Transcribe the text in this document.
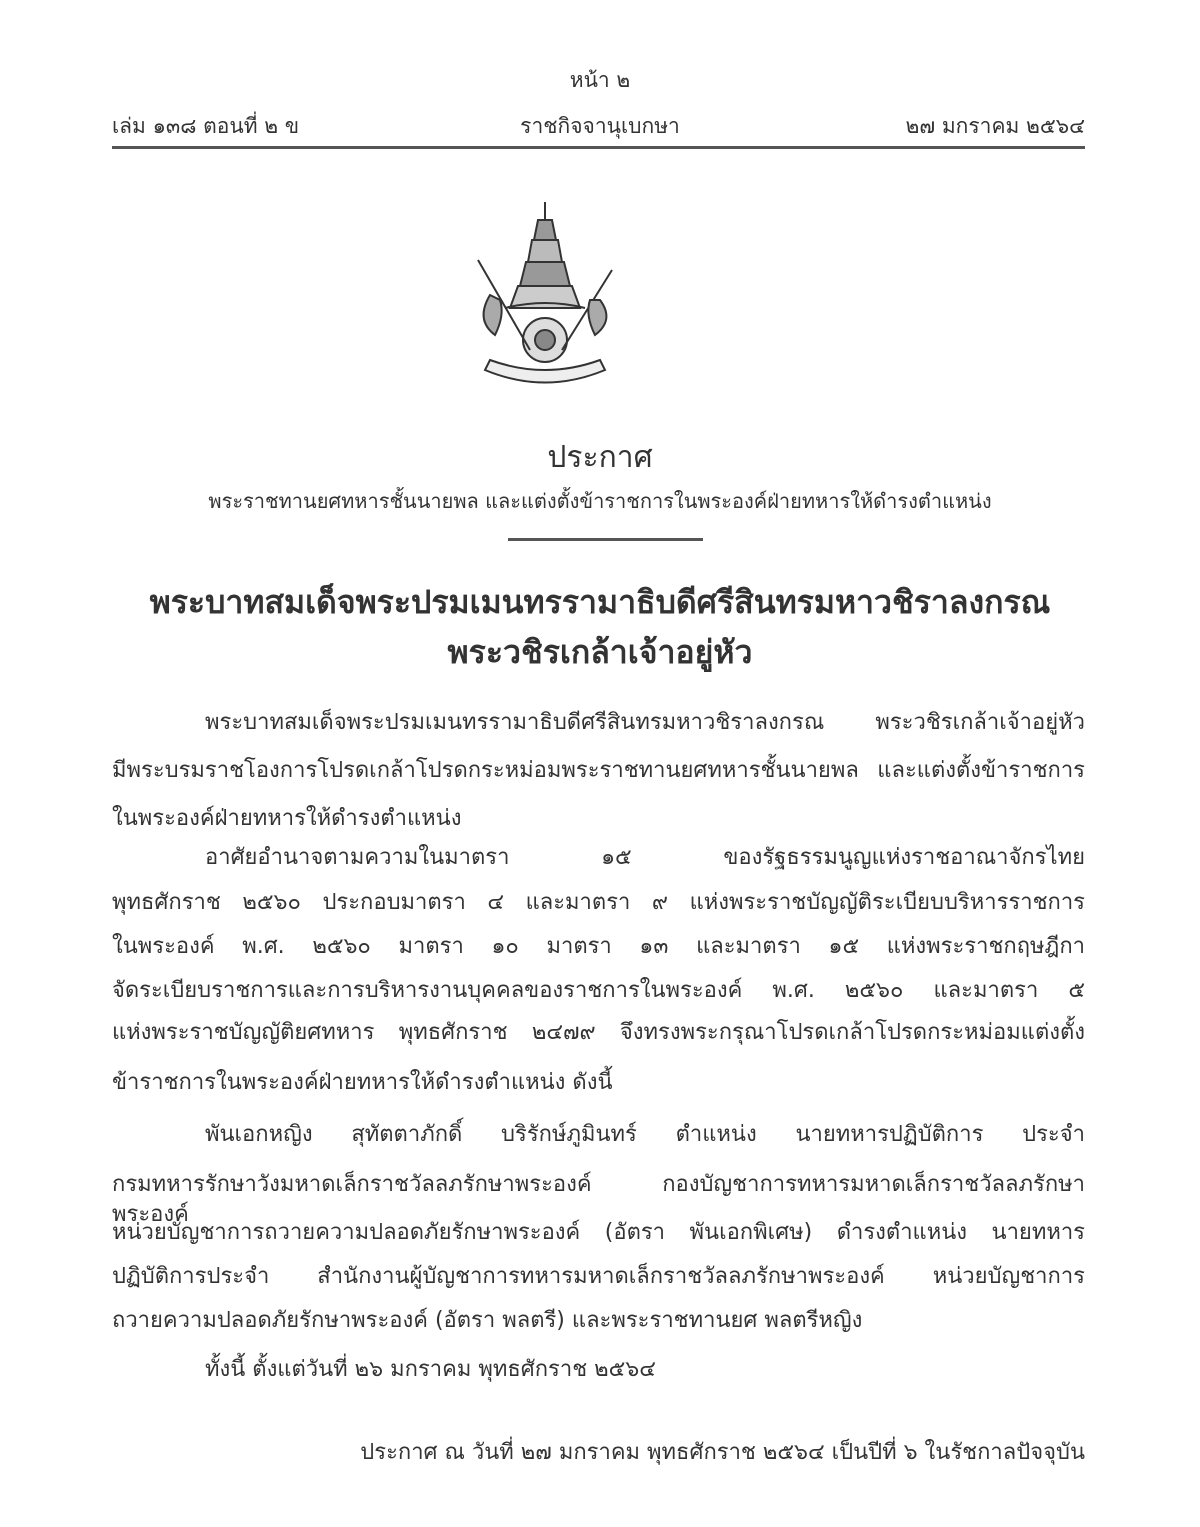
หน้า ๒
เล่ม ๑๓๘ ตอนที่ ๒ ข	ราชกิจจานุเบกษา	๒๗ มกราคม ๒๕๖๔
ประกาศ
พระราชทานยศทหารชั้นนายพล และแต่งตั้งข้าราชการในพระองค์ฝ่ายทหารให้ดำรงตำแหน่ง
พระบาทสมเด็จพระปรมเมนทรรามาธิบดีศรีสินทรมหาวชิราลงกรณ
พระวชิรเกล้าเจ้าอยู่หัว
พระบาทสมเด็จพระปรมเมนทรรามาธิบดีศรีสินทรมหาวชิราลงกรณ พระวชิรเกล้าเจ้าอยู่หัว
มีพระบรมราชโองการโปรดเกล้าโปรดกระหม่อมพระราชทานยศทหารชั้นนายพล และแต่งตั้งข้าราชการ
ในพระองค์ฝ่ายทหารให้ดำรงตำแหน่ง
อาศัยอำนาจตามความในมาตรา ๑๕ ของรัฐธรรมนูญแห่งราชอาณาจักรไทย
พุทธศักราช ๒๕๖๐ ประกอบมาตรา ๔ และมาตรา ๙ แห่งพระราชบัญญัติระเบียบบริหารราชการ
ในพระองค์ พ.ศ. ๒๕๖๐ มาตรา ๑๐ มาตรา ๑๓ และมาตรา ๑๕ แห่งพระราชกฤษฎีกา
จัดระเบียบราชการและการบริหารงานบุคคลของราชการในพระองค์ พ.ศ. ๒๕๖๐ และมาตรา ๕
แห่งพระราชบัญญัติยศทหาร พุทธศักราช ๒๔๗๙ จึงทรงพระกรุณาโปรดเกล้าโปรดกระหม่อมแต่งตั้ง
ข้าราชการในพระองค์ฝ่ายทหารให้ดำรงตำแหน่ง ดังนี้
พันเอกหญิง สุทัตตาภักดิ์ บริรักษ์ภูมินทร์ ตำแหน่ง นายทหารปฏิบัติการ ประจำ
กรมทหารรักษาวังมหาดเล็กราชวัลลภรักษาพระองค์ กองบัญชาการทหารมหาดเล็กราชวัลลภรักษาพระองค์
หน่วยบัญชาการถวายความปลอดภัยรักษาพระองค์ (อัตรา พันเอกพิเศษ) ดำรงตำแหน่ง นายทหาร
ปฏิบัติการประจำ สำนักงานผู้บัญชาการทหารมหาดเล็กราชวัลลภรักษาพระองค์ หน่วยบัญชาการ
ถวายความปลอดภัยรักษาพระองค์ (อัตรา พลตรี) และพระราชทานยศ พลตรีหญิง
ทั้งนี้ ตั้งแต่วันที่ ๒๖ มกราคม พุทธศักราช ๒๕๖๔
ประกาศ ณ วันที่ ๒๗ มกราคม พุทธศักราช ๒๕๖๔ เป็นปีที่ ๖ ในรัชกาลปัจจุบัน
